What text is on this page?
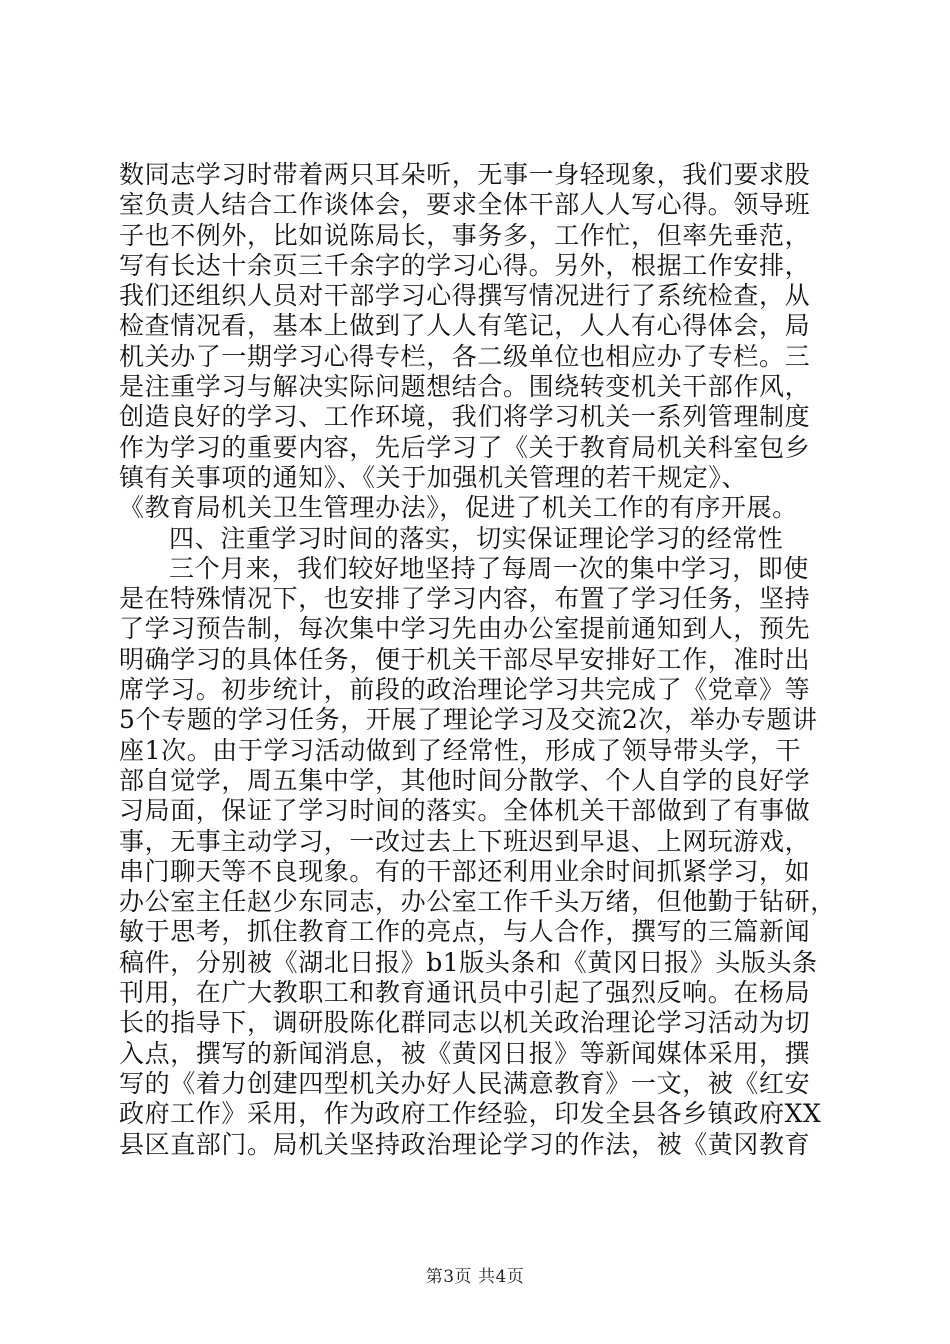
数同志学习时带着两只耳朵听，无事一身轻现象，我们要求股
室负责人结合工作谈体会，要求全体干部人人写心得。领导班
子也不例外，比如说陈局长，事务多，工作忙，但率先垂范，
写有长达十余页三千余字的学习心得。另外，根据工作安排，
我们还组织人员对干部学习心得撰写情况进行了系统检查，从
检查情况看，基本上做到了人人有笔记，人人有心得体会，局
机关办了一期学习心得专栏，各二级单位也相应办了专栏。三
是注重学习与解决实际问题想结合。围绕转变机关干部作风，
创造良好的学习、工作环境，我们将学习机关一系列管理制度
作为学习的重要内容，先后学习了《关于教育局机关科室包乡
镇有关事项的通知》、《关于加强机关管理的若干规定》、
《教育局机关卫生管理办法》，促进了机关工作的有序开展。
四、注重学习时间的落实，切实保证理论学习的经常性
三个月来，我们较好地坚持了每周一次的集中学习，即使
是在特殊情况下，也安排了学习内容，布置了学习任务，坚持
了学习预告制，每次集中学习先由办公室提前通知到人，预先
明确学习的具体任务，便于机关干部尽早安排好工作，准时出
席学习。初步统计，前段的政治理论学习共完成了《党章》等
5个专题的学习任务，开展了理论学习及交流2次，举办专题讲
座1次。由于学习活动做到了经常性，形成了领导带头学，干
部自觉学，周五集中学，其他时间分散学、个人自学的良好学
习局面，保证了学习时间的落实。全体机关干部做到了有事做
事，无事主动学习，一改过去上下班迟到早退、上网玩游戏，
串门聊天等不良现象。有的干部还利用业余时间抓紧学习，如
办公室主任赵少东同志，办公室工作千头万绪，但他勤于钻研，
敏于思考，抓住教育工作的亮点，与人合作，撰写的三篇新闻
稿件，分别被《湖北日报》b1版头条和《黄冈日报》头版头条
刊用，在广大教职工和教育通讯员中引起了强烈反响。在杨局
长的指导下，调研股陈化群同志以机关政治理论学习活动为切
入点，撰写的新闻消息，被《黄冈日报》等新闻媒体采用，撰
写的《着力创建四型机关办好人民满意教育》一文，被《红安
政府工作》采用，作为政府工作经验，印发全县各乡镇政府XX
县区直部门。局机关坚持政治理论学习的作法，被《黄冈教育
第3页 共4页
